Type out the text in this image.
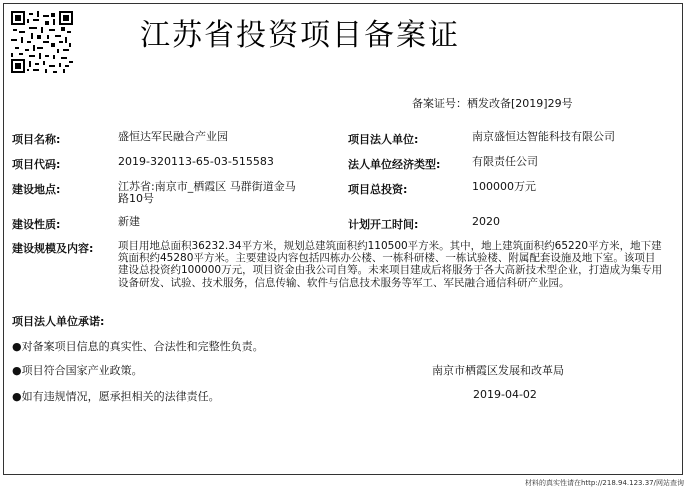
江苏省投资项目备案证
备案证号：栖发改备[2019]29号
项目名称:	盛恒达军民融合产业园	项目法人单位:	南京盛恒达智能科技有限公司
项目代码:	2019-320113-65-03-515583	法人单位经济类型:	有限责任公司
建设地点:	江苏省:南京市_栖霞区 马群街道金马
路10号
项目总投资:	100000万元
建设性质:	新建	计划开工时间:	2020
建设规模及内容: 项目用地总面积36232.34平方米，规划总建筑面积约110500平方米。其中，地上建筑面积约65220平方米，地下建筑面积约45280平方米。主要建设内容包括四栋办公楼、一栋科研楼、一栋试验楼、附属配套设施及地下室。该项目建设总投资约100000万元，项目资金由我公司自筹。未来项目建成后将服务于各大高新技术型企业，打造成为集专用设备研发、试验、技术服务，信息传输、软件与信息技术服务等军工、军民融合通信科研产业园。
项目法人单位承诺:
●对备案项目信息的真实性、合法性和完整性负责。
●项目符合国家产业政策。
●如有违规情况，愿承担相关的法律责任。
南京市栖霞区发展和改革局
2019-04-02
材料的真实性请在http://218.94.123.37/网站查询
